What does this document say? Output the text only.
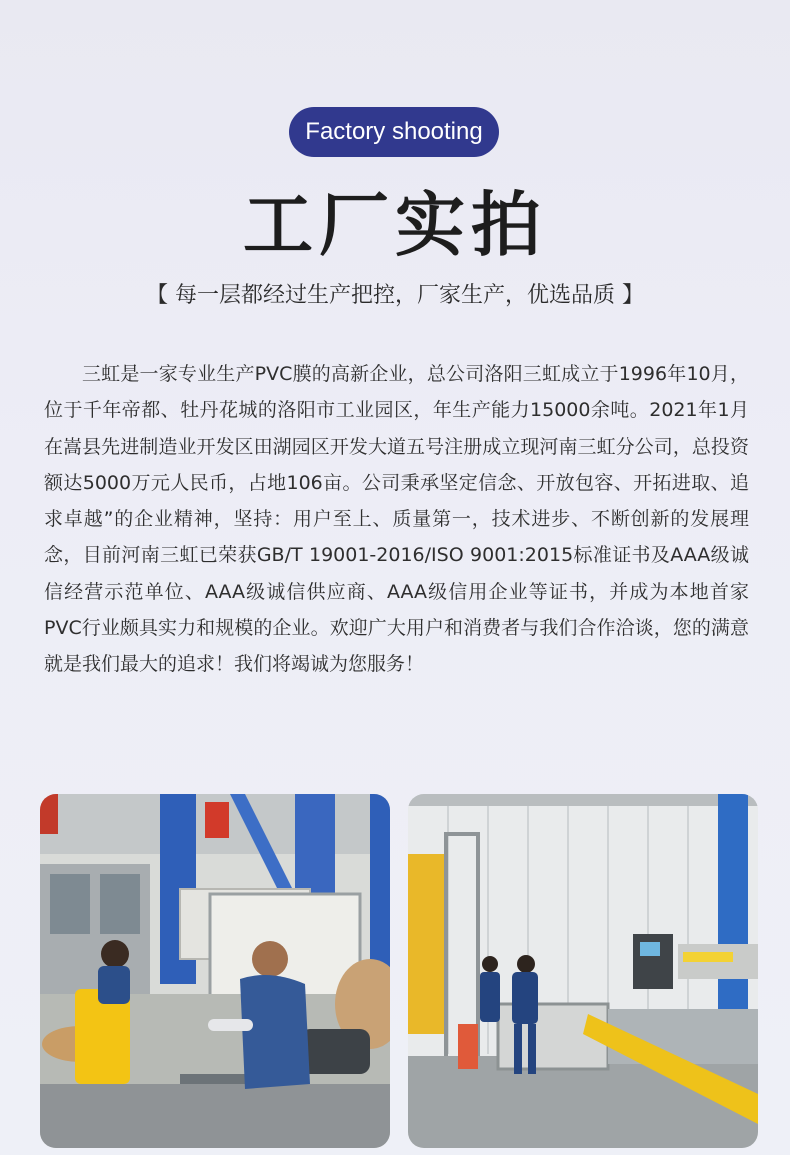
Factory shooting
工厂实拍
【 每一层都经过生产把控，厂家生产，优选品质 】

三虹是一家专业生产PVC膜的高新企业，总公司洛阳三虹成立于1996年10月，位于千年帝都、牡丹花城的洛阳市工业园区，年生产能力15000余吨。2021年1月在嵩县先进制造业开发区田湖园区开发大道五号注册成立现河南三虹分公司，总投资额达5000万元人民币，占地106亩。公司秉承坚定信念、开放包容、开拓进取、追求卓越”的企业精神，坚持：用户至上、质量第一，技术进步、不断创新的发展理念，目前河南三虹已荣获GB/T 19001-2016/ISO 9001:2015标准证书及AAA级诚信经营示范单位、AAA级诚信供应商、AAA级信用企业等证书，并成为本地首家PVC行业颇具实力和规模的企业。欢迎广大用户和消费者与我们合作洽谈，您的满意就是我们最大的追求！我们将竭诚为您服务！
